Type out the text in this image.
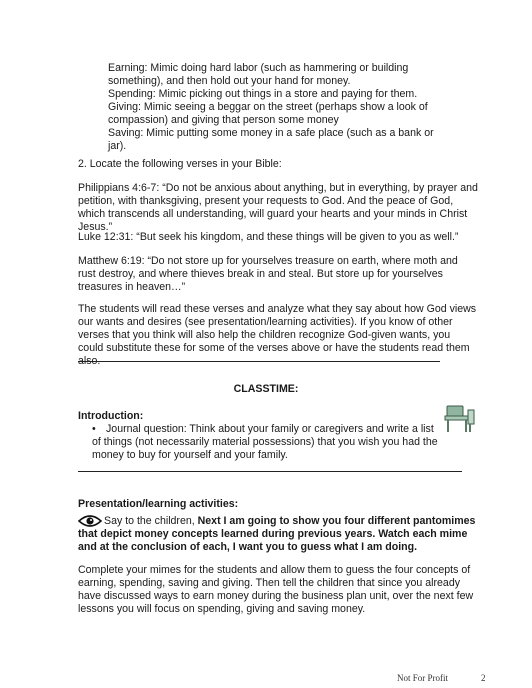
Earning: Mimic doing hard labor (such as hammering or building something), and then hold out your hand for money.

Spending: Mimic picking out things in a store and paying for them.

Giving: Mimic seeing a beggar on the street (perhaps show a look of compassion) and giving that person some money

Saving: Mimic putting some money in a safe place (such as a bank or jar).

2. Locate the following verses in your Bible:

Philippians 4:6-7: “Do not be anxious about anything, but in everything, by prayer and petition, with thanksgiving, present your requests to God. And the peace of God, which transcends all understanding, will guard your hearts and your minds in Christ Jesus.”

Luke 12:31: “But seek his kingdom, and these things will be given to you as well.”

Matthew 6:19: “Do not store up for yourselves treasure on earth, where moth and rust destroy, and where thieves break in and steal. But store up for yourselves treasures in heaven…”

The students will read these verses and analyze what they say about how God views our wants and desires (see presentation/learning activities). If you know of other verses that you think will also help the children recognize God-given wants, you could substitute these for some of the verses above or have the students read them also.

CLASSTIME:

Introduction:

• Journal question: Think about your family or caregivers and write a list of things (not necessarily material possessions) that you wish you had the money to buy for yourself and your family.

Presentation/learning activities:

Say to the children, Next I am going to show you four different pantomimes that depict money concepts learned during previous years. Watch each mime and at the conclusion of each, I want you to guess what I am doing.

Complete your mimes for the students and allow them to guess the four concepts of earning, spending, saving and giving. Then tell the children that since you already have discussed ways to earn money during the business plan unit, over the next few lessons you will focus on spending, giving and saving money.

Not For Profit	2
